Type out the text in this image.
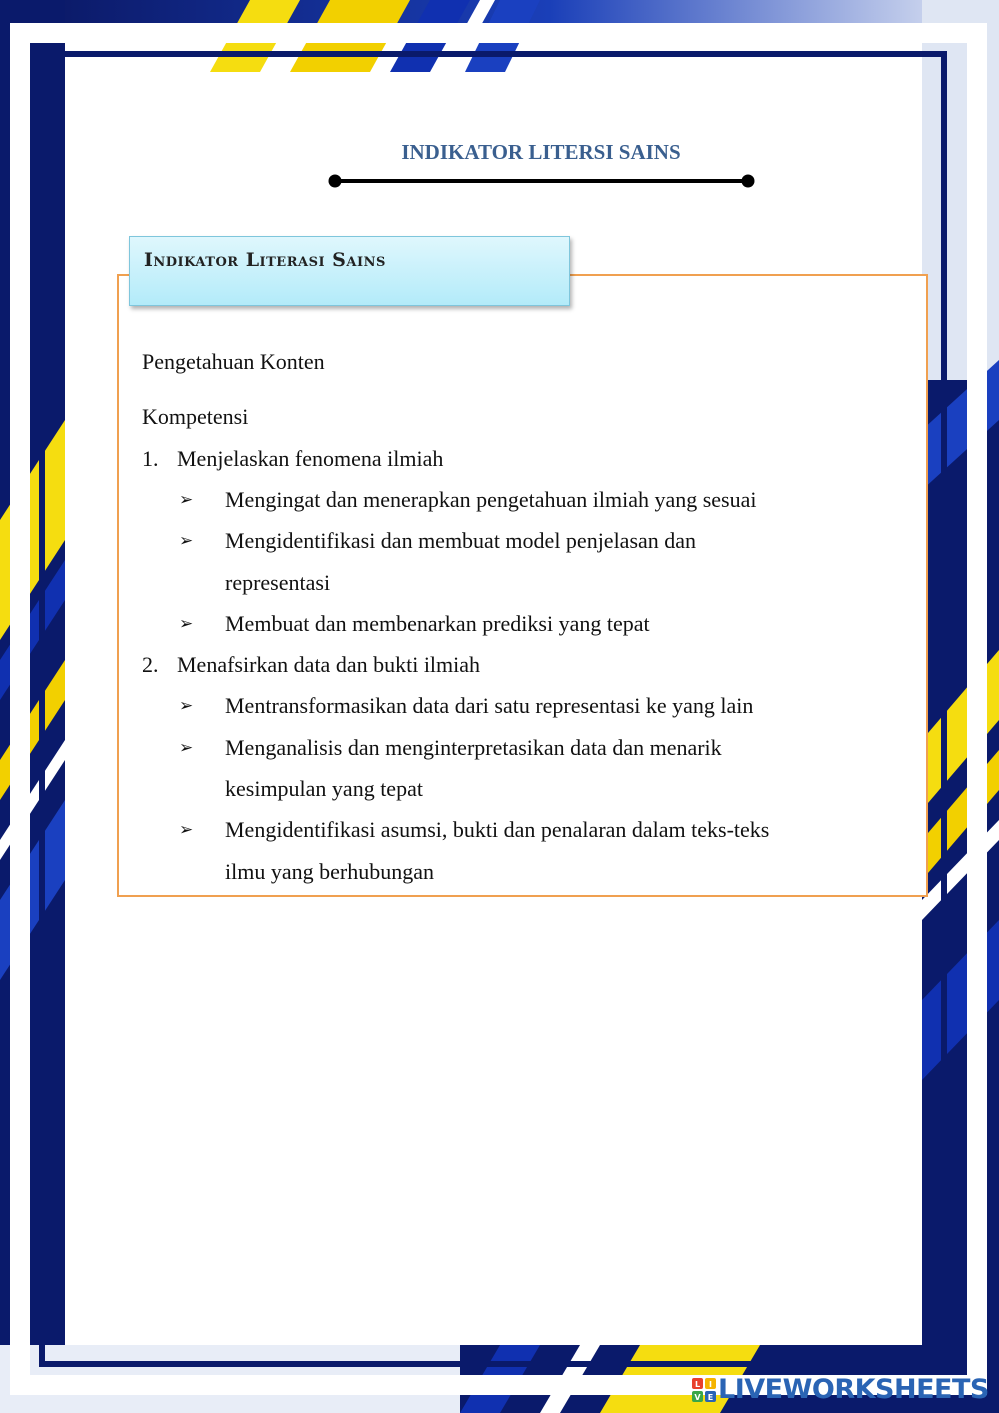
INDIKATOR LITERSI SAINS
Indikator Literasi Sains
Pengetahuan Konten
Kompetensi
1. Menjelaskan fenomena ilmiah
➢ Mengingat dan menerapkan pengetahuan ilmiah yang sesuai
➢ Mengidentifikasi dan membuat model penjelasan dan
representasi
➢ Membuat dan membenarkan prediksi yang tepat
2. Menafsirkan data dan bukti ilmiah
➢ Mentransformasikan data dari satu representasi ke yang lain
➢ Menganalisis dan menginterpretasikan data dan menarik
kesimpulan yang tepat
➢ Mengidentifikasi asumsi, bukti dan penalaran dalam teks-teks
ilmu yang berhubungan
L I
V E LIVEWORKSHEETS
